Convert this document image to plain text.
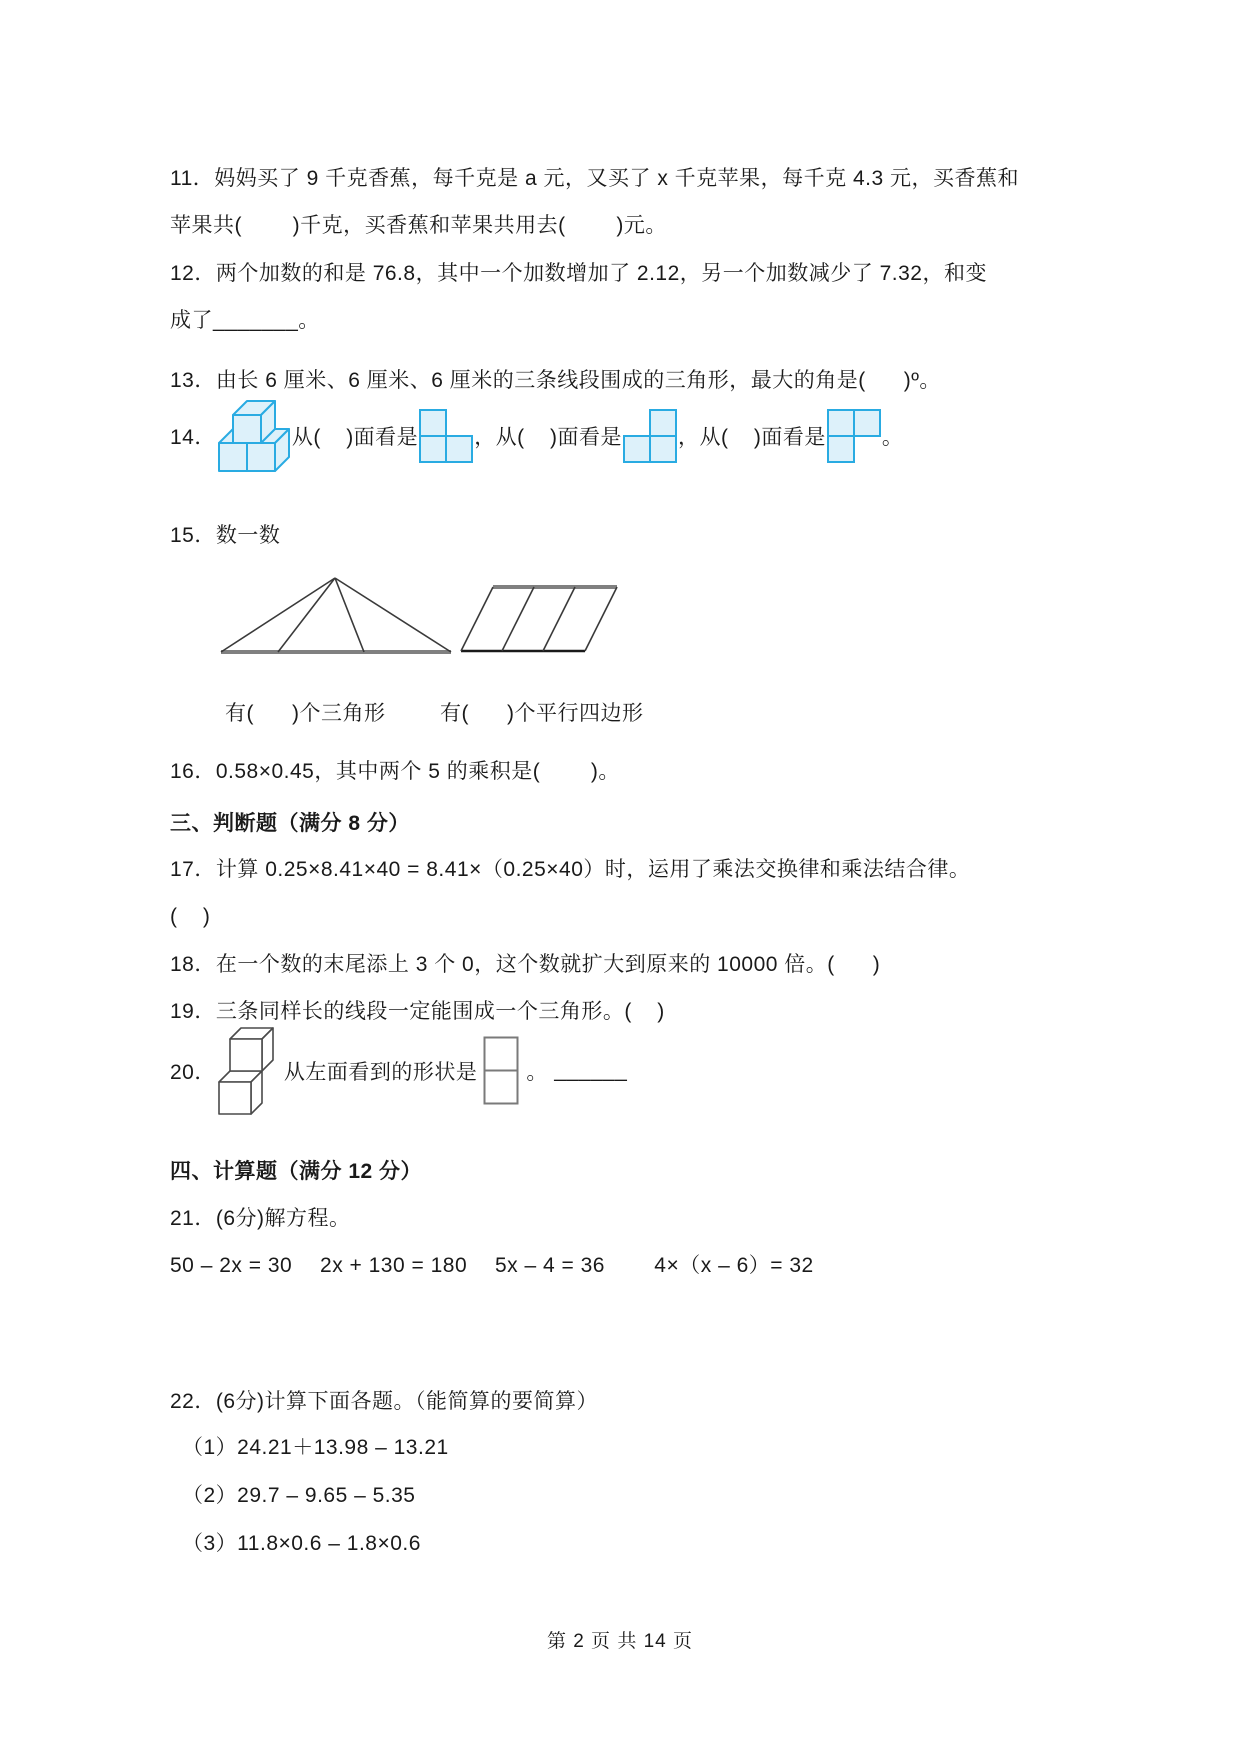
11．妈妈买了 9 千克香蕉，每千克是 a 元，又买了 x 千克苹果，每千克 4.3 元，买香蕉和
苹果共(        )千克，买香蕉和苹果共用去(        )元。
12．两个加数的和是 76.8，其中一个加数增加了 2.12，另一个加数减少了 7.32，和变
成了_______。
13．由长 6 厘米、6 厘米、6 厘米的三条线段围成的三角形，最大的角是(      )º。
14．	从(    )面看是	，从(    )面看是	，从(    )面看是	。
15．数一数
有(      )个三角形	有(      )个平行四边形
16．0.58×0.45，其中两个 5 的乘积是(        )。
三、判断题（满分 8 分）
17．计算 0.25×8.41×40 = 8.41×（0.25×40）时，运用了乘法交换律和乘法结合律。
(    )
18．在一个数的末尾添上 3 个 0，这个数就扩大到原来的 10000 倍。(      )
19．三条同样长的线段一定能围成一个三角形。(    )
20．	从左面看到的形状是 。 ______
四、计算题（满分 12 分）
21．(6分)解方程。
50 – 2x = 30　 2x + 130 = 180　 5x – 4 = 36　　 4×（x – 6）= 32
22．(6分)计算下面各题。（能简算的要简算）
（1）24.21＋13.98 – 13.21
（2）29.7 – 9.65 – 5.35
（3）11.8×0.6 – 1.8×0.6
第 2 页 共 14 页
